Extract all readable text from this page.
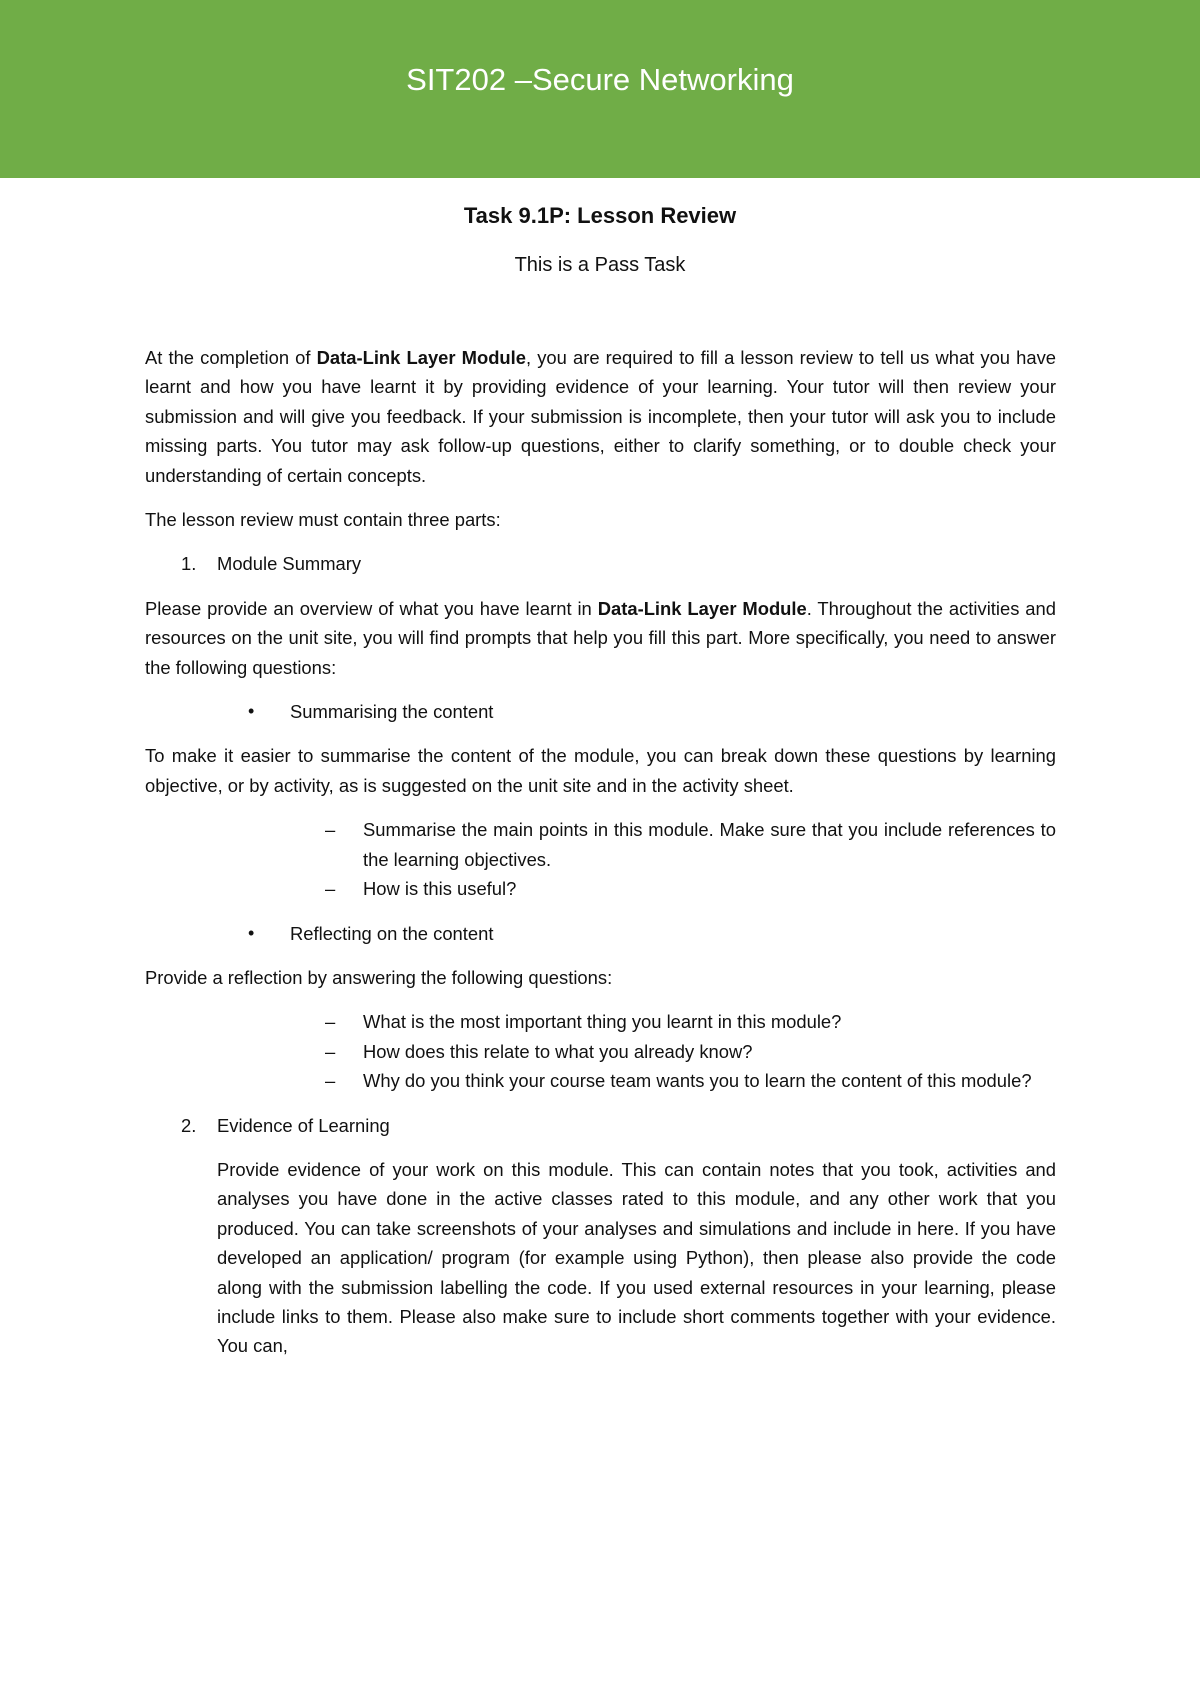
SIT202 –Secure Networking
Task 9.1P: Lesson Review
This is a Pass Task

At the completion of Data-Link Layer Module, you are required to fill a lesson review to tell us what you have learnt and how you have learnt it by providing evidence of your learning. Your tutor will then review your submission and will give you feedback. If your submission is incomplete, then your tutor will ask you to include missing parts. You tutor may ask follow-up questions, either to clarify something, or to double check your understanding of certain concepts.

The lesson review must contain three parts:

1. Module Summary

Please provide an overview of what you have learnt in Data-Link Layer Module. Throughout the activities and resources on the unit site, you will find prompts that help you fill this part. More specifically, you need to answer the following questions:

• Summarising the content

To make it easier to summarise the content of the module, you can break down these questions by learning objective, or by activity, as is suggested on the unit site and in the activity sheet.

– Summarise the main points in this module. Make sure that you include references to the learning objectives.
– How is this useful?
• Reflecting on the content

Provide a reflection by answering the following questions:

– What is the most important thing you learnt in this module?
– How does this relate to what you already know?
– Why do you think your course team wants you to learn the content of this module?
2. Evidence of Learning

Provide evidence of your work on this module. This can contain notes that you took, activities and analyses you have done in the active classes rated to this module, and any other work that you produced. You can take screenshots of your analyses and simulations and include in here. If you have developed an application/ program (for example using Python), then please also provide the code along with the submission labelling the code. If you used external resources in your learning, please include links to them. Please also make sure to include short comments together with your evidence. You can,
